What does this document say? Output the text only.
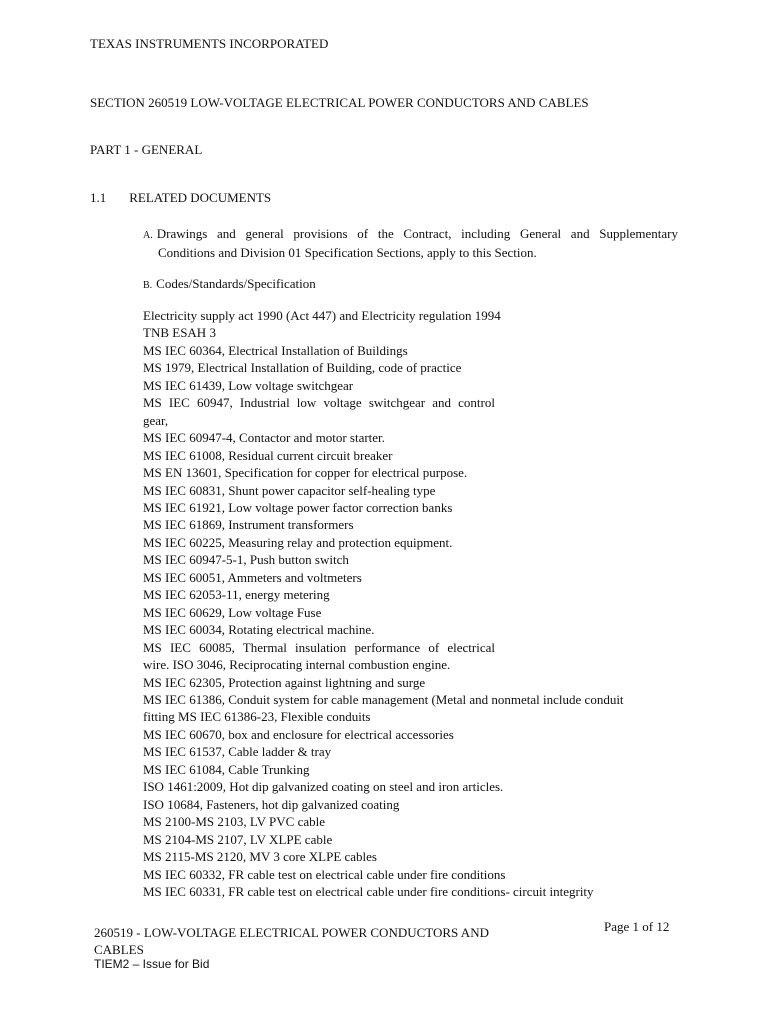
TEXAS INSTRUMENTS INCORPORATED
SECTION 260519 LOW-VOLTAGE ELECTRICAL POWER CONDUCTORS AND CABLES
PART 1 - GENERAL
1.1 RELATED DOCUMENTS
A. Drawings and general provisions of the Contract, including General and Supplementary
Conditions and Division 01 Specification Sections, apply to this Section.
B. Codes/Standards/Specification
Electricity supply act 1990 (Act 447) and Electricity regulation 1994
TNB ESAH 3
MS IEC 60364, Electrical Installation of Buildings
MS 1979, Electrical Installation of Building, code of practice
MS IEC 61439, Low voltage switchgear
MS IEC 60947, Industrial low voltage switchgear and control
gear,
MS IEC 60947-4, Contactor and motor starter.
MS IEC 61008, Residual current circuit breaker
MS EN 13601, Specification for copper for electrical purpose.
MS IEC 60831, Shunt power capacitor self-healing type
MS IEC 61921, Low voltage power factor correction banks
MS IEC 61869, Instrument transformers
MS IEC 60225, Measuring relay and protection equipment.
MS IEC 60947-5-1, Push button switch
MS IEC 60051, Ammeters and voltmeters
MS IEC 62053-11, energy metering
MS IEC 60629, Low voltage Fuse
MS IEC 60034, Rotating electrical machine.
MS IEC 60085, Thermal insulation performance of electrical
wire. ISO 3046, Reciprocating internal combustion engine.
MS IEC 62305, Protection against lightning and surge
MS IEC 61386, Conduit system for cable management (Metal and nonmetal include conduit
fitting MS IEC 61386-23, Flexible conduits
MS IEC 60670, box and enclosure for electrical accessories
MS IEC 61537, Cable ladder & tray
MS IEC 61084, Cable Trunking
ISO 1461:2009, Hot dip galvanized coating on steel and iron articles.
ISO 10684, Fasteners, hot dip galvanized coating
MS 2100-MS 2103, LV PVC cable
MS 2104-MS 2107, LV XLPE cable
MS 2115-MS 2120, MV 3 core XLPE cables
MS IEC 60332, FR cable test on electrical cable under fire conditions
MS IEC 60331, FR cable test on electrical cable under fire conditions- circuit integrity
260519 - LOW-VOLTAGE ELECTRICAL POWER CONDUCTORS AND CABLES
Page 1 of 12
TIEM2 – Issue for Bid
